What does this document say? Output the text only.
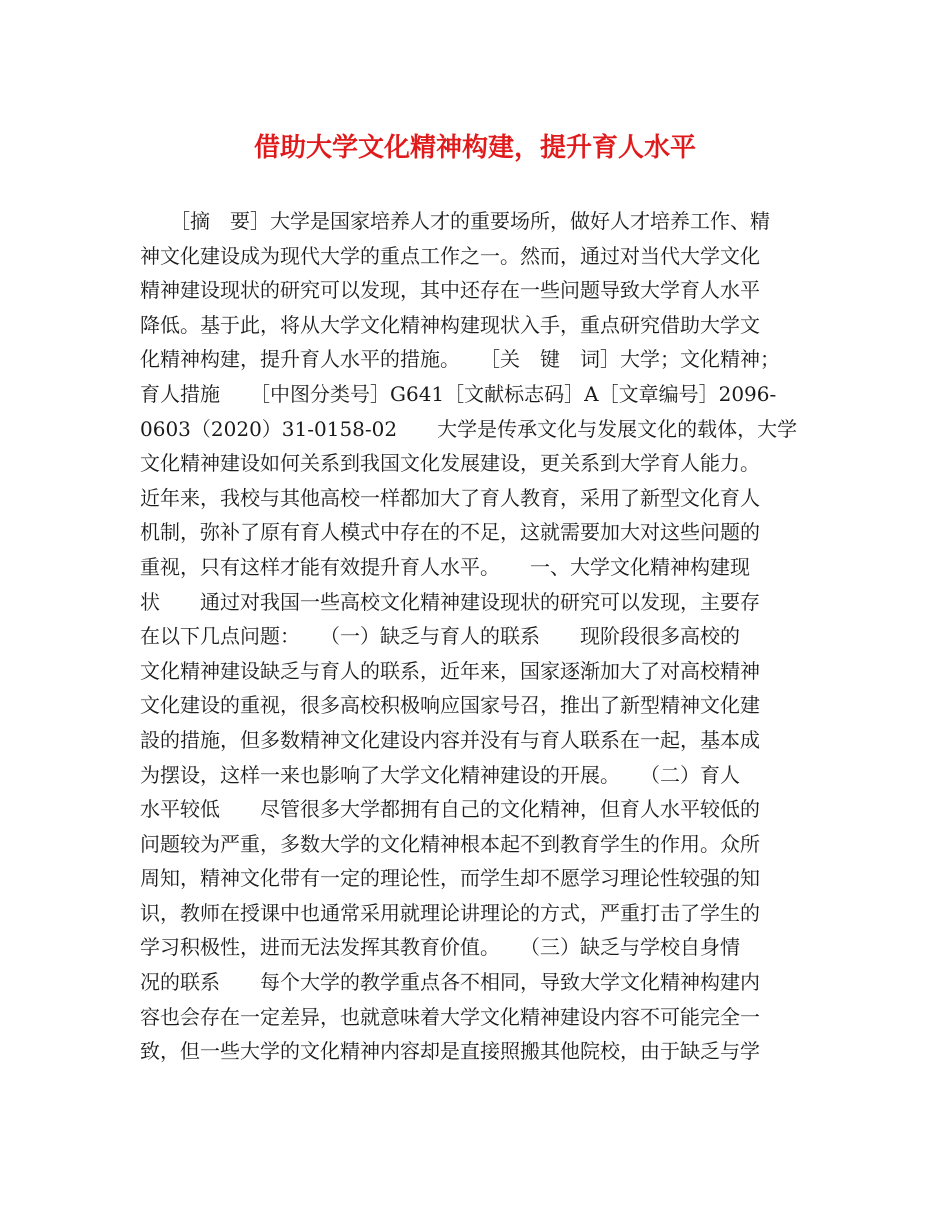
借助大学文化精神构建，提升育人水平
　　［摘　要］大学是国家培养人才的重要场所，做好人才培养工作、精
神文化建设成为现代大学的重点工作之一。然而，通过对当代大学文化
精神建设现状的研究可以发现，其中还存在一些问题导致大学育人水平
降低。基于此，将从大学文化精神构建现状入手，重点研究借助大学文
化精神构建，提升育人水平的措施。　　［关　键　词］大学；文化精神；
育人措施　　［中图分类号］G641［文献标志码］A［文章编号］2096-
0603（2020）31-0158-02　　大学是传承文化与发展文化的载体，大学
文化精神建设如何关系到我国文化发展建设，更关系到大学育人能力。
近年来，我校与其他高校一样都加大了育人教育，采用了新型文化育人
机制，弥补了原有育人模式中存在的不足，这就需要加大对这些问题的
重视，只有这样才能有效提升育人水平。　　一、大学文化精神构建现
状　　通过对我国一些高校文化精神建设现状的研究可以发现，主要存
在以下几点问题：　　（一）缺乏与育人的联系　　现阶段很多高校的
文化精神建设缺乏与育人的联系，近年来，国家逐渐加大了对高校精神
文化建设的重视，很多高校积极响应国家号召，推出了新型精神文化建
設的措施，但多数精神文化建设内容并没有与育人联系在一起，基本成
为摆设，这样一来也影响了大学文化精神建设的开展。　　（二）育人
水平较低　　尽管很多大学都拥有自己的文化精神，但育人水平较低的
问题较为严重，多数大学的文化精神根本起不到教育学生的作用。众所
周知，精神文化带有一定的理论性，而学生却不愿学习理论性较强的知
识，教师在授课中也通常采用就理论讲理论的方式，严重打击了学生的
学习积极性，进而无法发挥其教育价值。　　（三）缺乏与学校自身情
况的联系　　每个大学的教学重点各不相同，导致大学文化精神构建内
容也会存在一定差异，也就意味着大学文化精神建设内容不可能完全一
致，但一些大学的文化精神内容却是直接照搬其他院校，由于缺乏与学
